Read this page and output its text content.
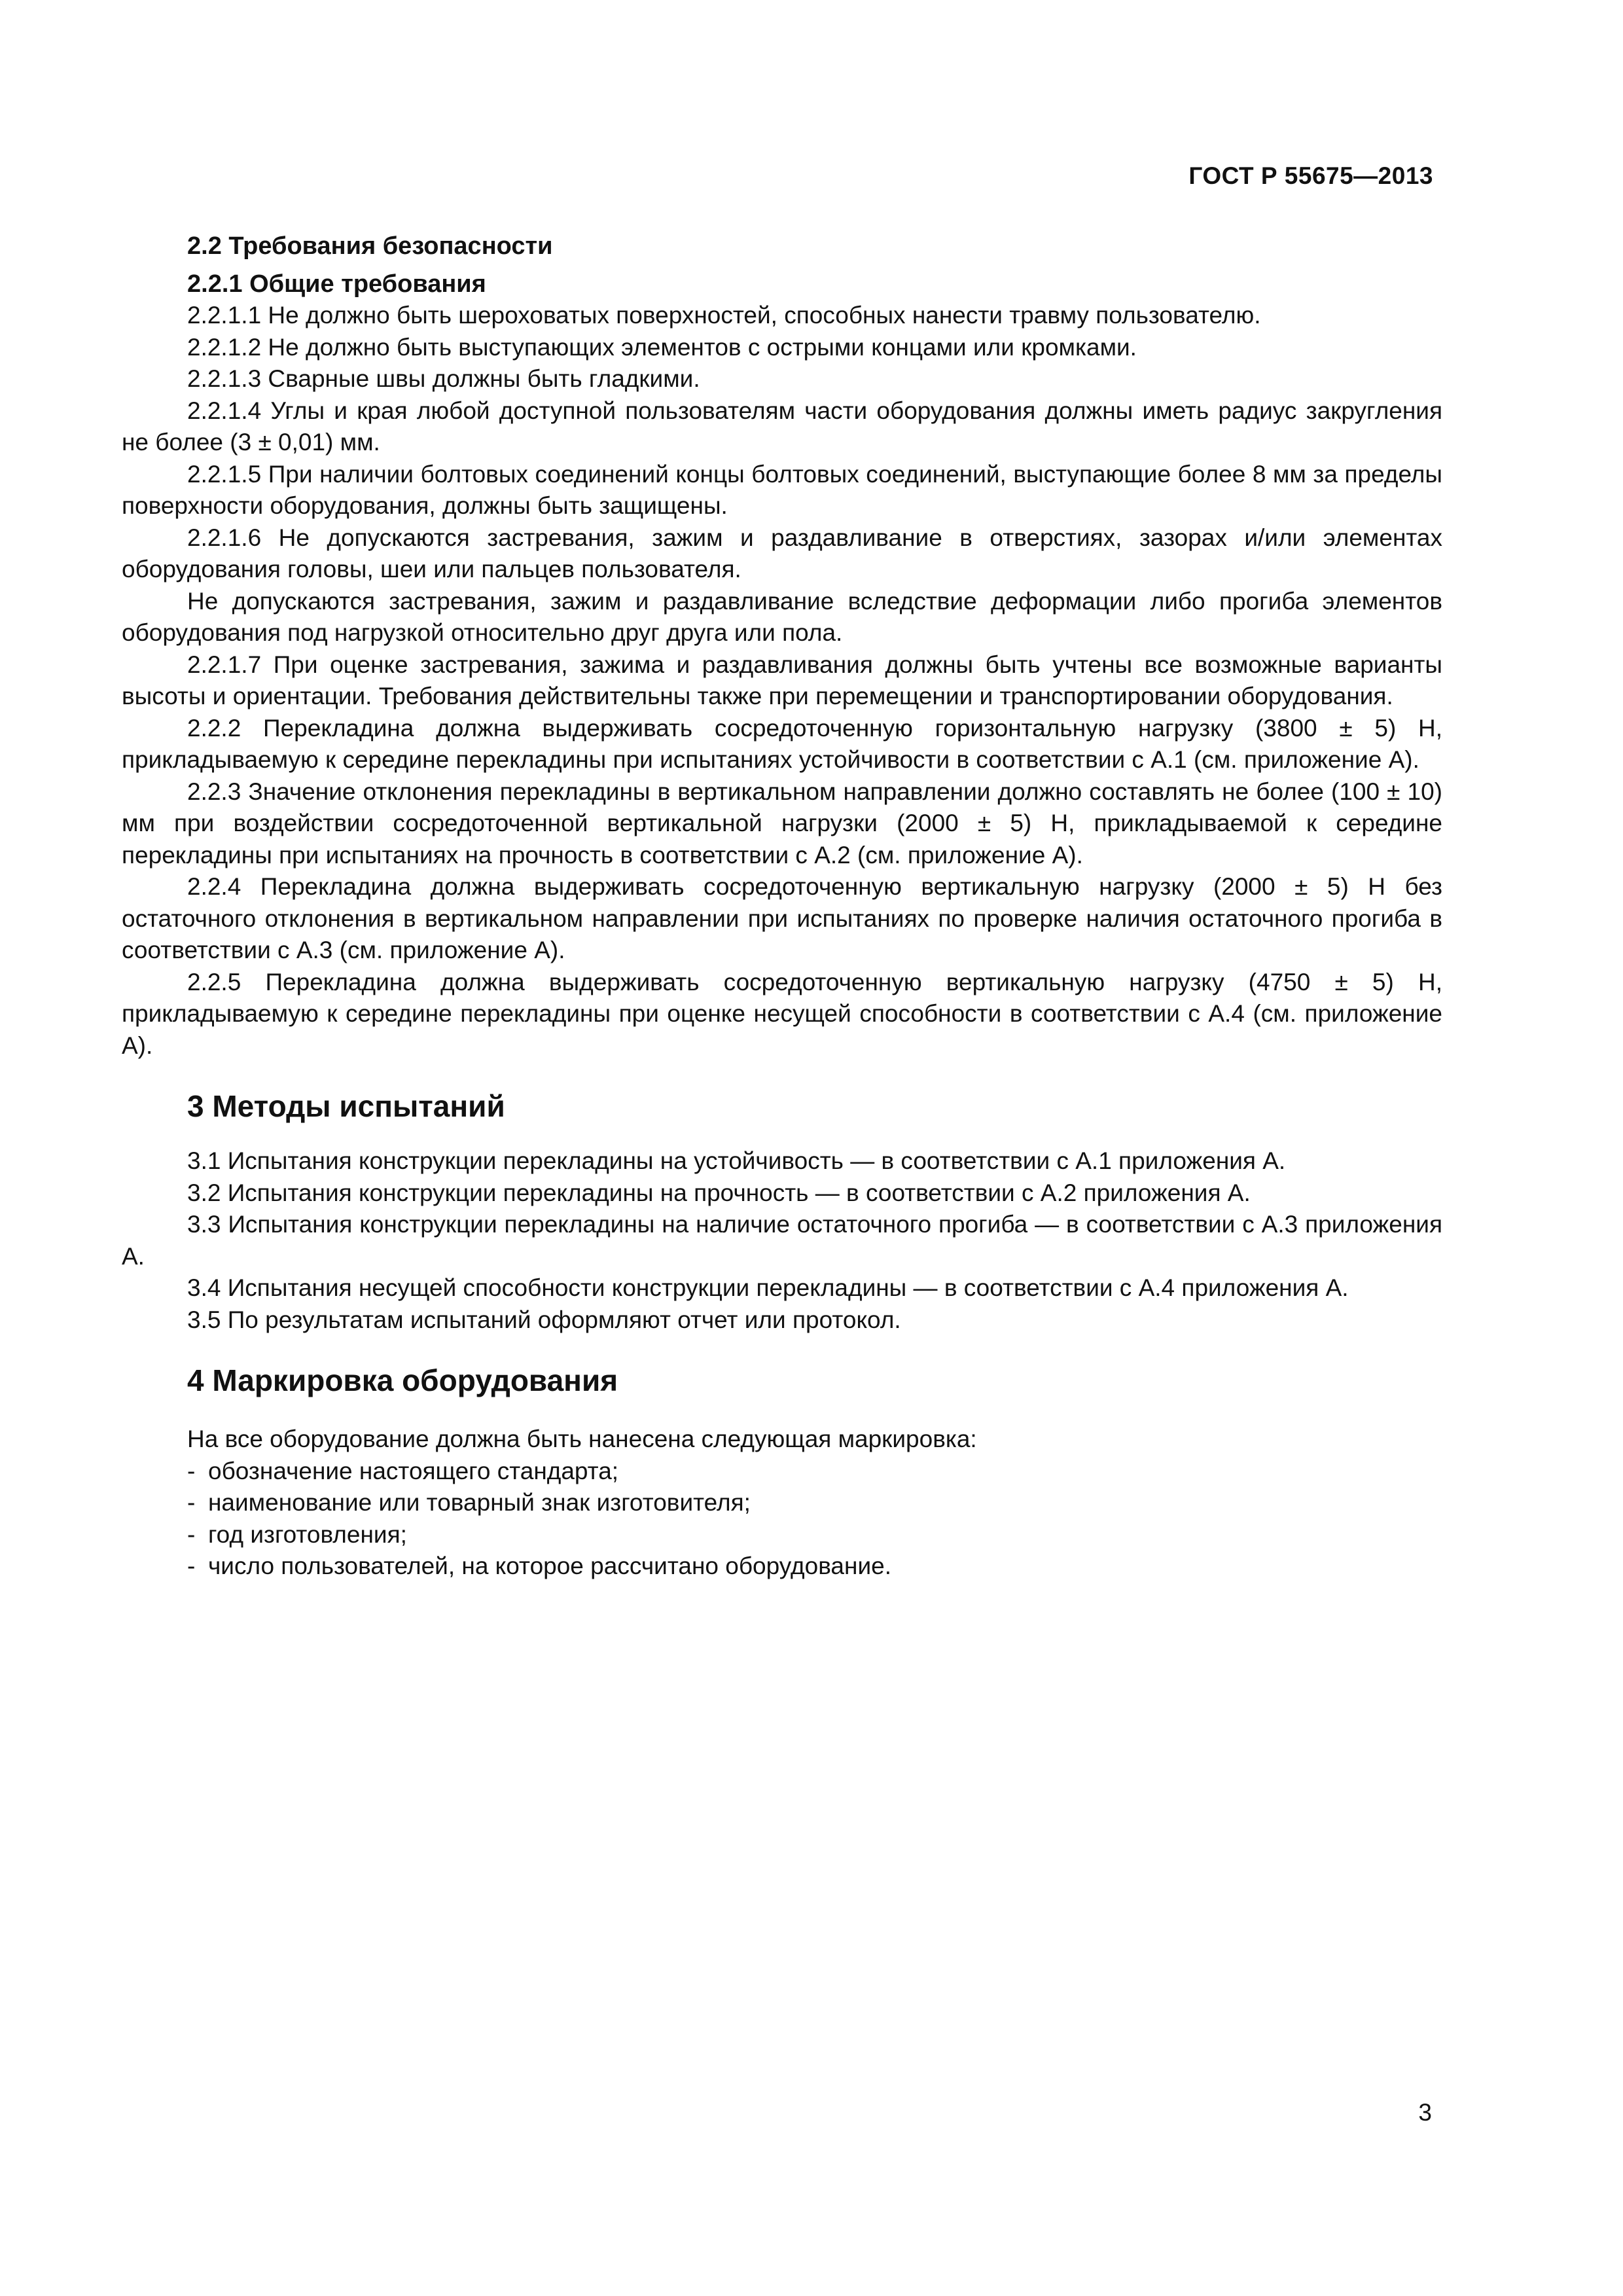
ГОСТ Р 55675—2013

2.2 Требования безопасности

2.2.1 Общие требования

2.2.1.1 Не должно быть шероховатых поверхностей, способных нанести травму пользователю.

2.2.1.2 Не должно быть выступающих элементов с острыми концами или кромками.

2.2.1.3 Сварные швы должны быть гладкими.

2.2.1.4 Углы и края любой доступной пользователям части оборудования должны иметь радиус закругления не более (3 ± 0,01) мм.

2.2.1.5 При наличии болтовых соединений концы болтовых соединений, выступающие более 8 мм за пределы поверхности оборудования, должны быть защищены.

2.2.1.6 Не допускаются застревания, зажим и раздавливание в отверстиях, зазорах и/или элементах оборудования головы, шеи или пальцев пользователя.

Не допускаются застревания, зажим и раздавливание вследствие деформации либо прогиба элементов оборудования под нагрузкой относительно друг друга или пола.

2.2.1.7 При оценке застревания, зажима и раздавливания должны быть учтены все возможные варианты высоты и ориентации. Требования действительны также при перемещении и транспортировании оборудования.

2.2.2 Перекладина должна выдерживать сосредоточенную горизонтальную нагрузку (3800 ± 5) Н, прикладываемую к середине перекладины при испытаниях устойчивости в соответствии с А.1 (см. приложение А).

2.2.3 Значение отклонения перекладины в вертикальном направлении должно составлять не более (100 ± 10) мм при воздействии сосредоточенной вертикальной нагрузки (2000 ± 5) Н, прикладываемой к середине перекладины при испытаниях на прочность в соответствии с А.2 (см. приложение А).

2.2.4 Перекладина должна выдерживать сосредоточенную вертикальную нагрузку (2000 ± 5) Н без остаточного отклонения в вертикальном направлении при испытаниях по проверке наличия остаточного прогиба в соответствии с А.3 (см. приложение А).

2.2.5 Перекладина должна выдерживать сосредоточенную вертикальную нагрузку (4750 ± 5) Н, прикладываемую к середине перекладины при оценке несущей способности в соответствии с А.4 (см. приложение А).

3 Методы испытаний

3.1 Испытания конструкции перекладины на устойчивость — в соответствии с А.1 приложения А.

3.2 Испытания конструкции перекладины на прочность — в соответствии с А.2 приложения А.

3.3 Испытания конструкции перекладины на наличие остаточного прогиба — в соответствии с А.3 приложения А.

3.4 Испытания несущей способности конструкции перекладины — в соответствии с А.4 приложения А.

3.5 По результатам испытаний оформляют отчет или протокол.

4 Маркировка оборудования

На все оборудование должна быть нанесена следующая маркировка:

- обозначение настоящего стандарта;
- наименование или товарный знак изготовителя;
- год изготовления;
- число пользователей, на которое рассчитано оборудование.
3
